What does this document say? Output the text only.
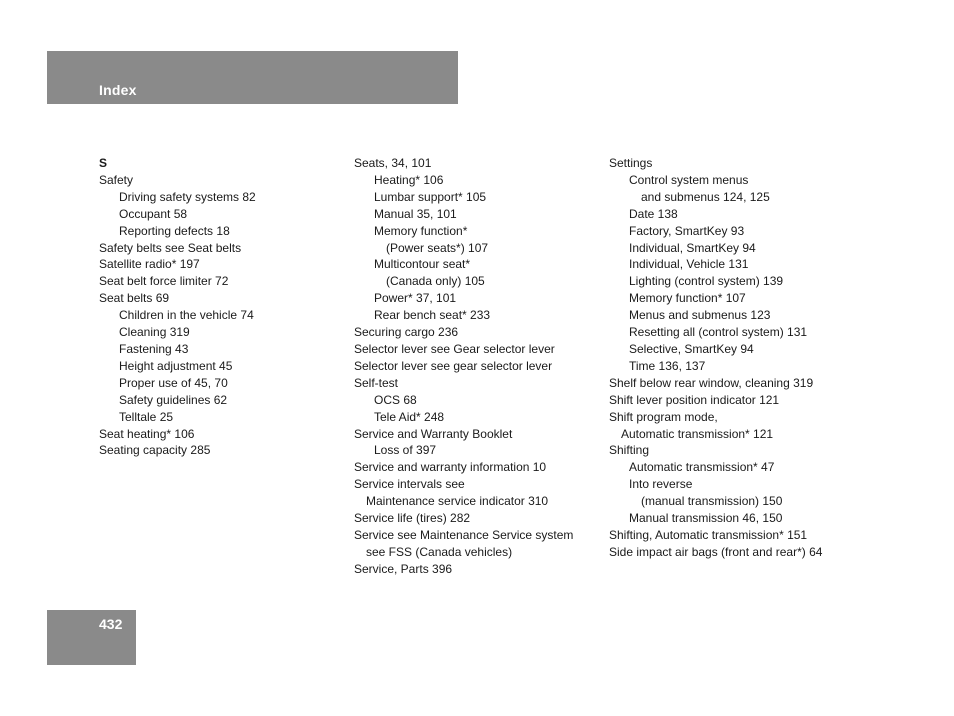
Index
S
Safety
Driving safety systems 82
Occupant 58
Reporting defects 18
Safety belts see Seat belts
Satellite radio* 197
Seat belt force limiter 72
Seat belts 69
Children in the vehicle 74
Cleaning 319
Fastening 43
Height adjustment 45
Proper use of 45, 70
Safety guidelines 62
Telltale 25
Seat heating* 106
Seating capacity 285
Seats, 34, 101
Heating* 106
Lumbar support* 105
Manual 35, 101
Memory function*
(Power seats*) 107
Multicontour seat*
(Canada only) 105
Power* 37, 101
Rear bench seat* 233
Securing cargo 236
Selector lever see Gear selector lever
Selector lever see gear selector lever
Self-test
OCS 68
Tele Aid* 248
Service and Warranty Booklet
Loss of 397
Service and warranty information 10
Service intervals see
Maintenance service indicator 310
Service life (tires) 282
Service see Maintenance Service system
see FSS (Canada vehicles)
Service, Parts 396
Settings
Control system menus
and submenus 124, 125
Date 138
Factory, SmartKey 93
Individual, SmartKey 94
Individual, Vehicle 131
Lighting (control system) 139
Memory function* 107
Menus and submenus 123
Resetting all (control system) 131
Selective, SmartKey 94
Time 136, 137
Shelf below rear window, cleaning 319
Shift lever position indicator 121
Shift program mode,
Automatic transmission* 121
Shifting
Automatic transmission* 47
Into reverse
(manual transmission) 150
Manual transmission 46, 150
Shifting, Automatic transmission* 151
Side impact air bags (front and rear*) 64
432
